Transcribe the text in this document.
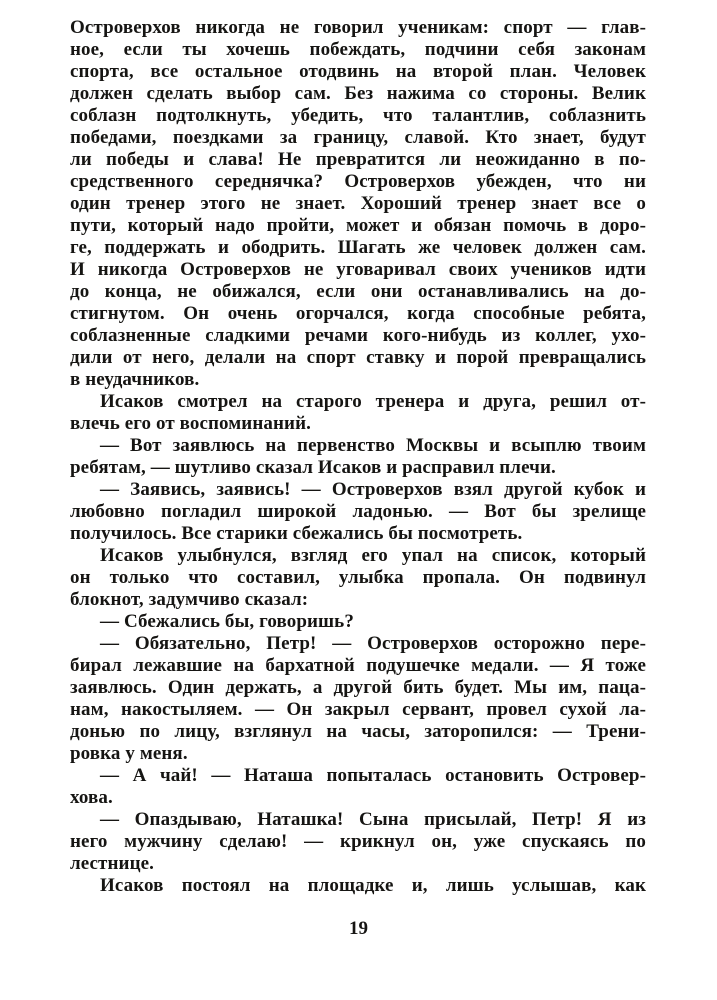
Островерхов никогда не говорил ученикам: спорт — глав-
ное, если ты хочешь побеждать, подчини себя законам
спорта, все остальное отодвинь на второй план. Человек
должен сделать выбор сам. Без нажима со стороны. Велик
соблазн подтолкнуть, убедить, что талантлив, соблазнить
победами, поездками за границу, славой. Кто знает, будут
ли победы и слава! Не превратится ли неожиданно в по-
средственного середнячка? Островерхов убежден, что ни
один тренер этого не знает. Хороший тренер знает все о
пути, который надо пройти, может и обязан помочь в доро-
ге, поддержать и ободрить. Шагать же человек должен сам.
И никогда Островерхов не уговаривал своих учеников идти
до конца, не обижался, если они останавливались на до-
стигнутом. Он очень огорчался, когда способные ребята,
соблазненные сладкими речами кого-нибудь из коллег, ухо-
дили от него, делали на спорт ставку и порой превращались
в неудачников.
Исаков смотрел на старого тренера и друга, решил от-
влечь его от воспоминаний.
— Вот заявлюсь на первенство Москвы и всыплю твоим
ребятам, — шутливо сказал Исаков и расправил плечи.
— Заявись, заявись! — Островерхов взял другой кубок и
любовно погладил широкой ладонью. — Вот бы зрелище
получилось. Все старики сбежались бы посмотреть.
Исаков улыбнулся, взгляд его упал на список, который
он только что составил, улыбка пропала. Он подвинул
блокнот, задумчиво сказал:
— Сбежались бы, говоришь?
— Обязательно, Петр! — Островерхов осторожно пере-
бирал лежавшие на бархатной подушечке медали. — Я тоже
заявлюсь. Один держать, а другой бить будет. Мы им, паца-
нам, накостыляем. — Он закрыл сервант, провел сухой ла-
донью по лицу, взглянул на часы, заторопился: — Трени-
ровка у меня.
— А чай! — Наташа попыталась остановить Островер-
хова.
— Опаздываю, Наташка! Сына присылай, Петр! Я из
него мужчину сделаю! — крикнул он, уже спускаясь по
лестнице.
Исаков постоял на площадке и, лишь услышав, как
19
